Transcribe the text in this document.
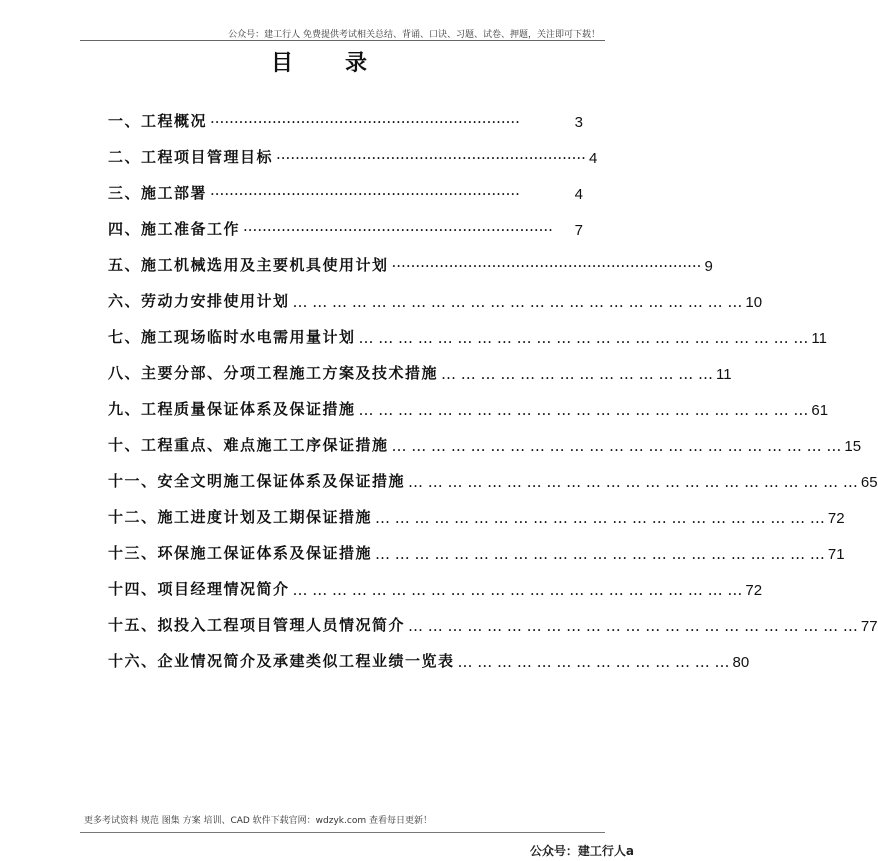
公众号：建工行人 免费提供考试相关总结、背诵、口诀、习题、试卷、押题，关注即可下载！
目录
一、工程概况 ·································································	3
二、工程项目管理目标 ································································· 4
三、施工部署 ·································································	4
四、施工准备工作 ·································································	7
五、施工机械选用及主要机具使用计划 ································································· 9
六、劳动力安排使用计划 … … … … … … … … … … … … … … … … … … … … … … … 10
七、施工现场临时水电需用量计划 … … … … … … … … … … … … … … … … … … … … … … … 11
八、主要分部、分项工程施工方案及技术措施 … … … … … … … … … … … … … … 11
九、工程质量保证体系及保证措施 … … … … … … … … … … … … … … … … … … … … … … … 61
十、工程重点、难点施工工序保证措施 … … … … … … … … … … … … … … … … … … … … … … … 15
十一、安全文明施工保证体系及保证措施 … … … … … … … … … … … … … … … … … … … … … … … 65
十二、施工进度计划及工期保证措施 … … … … … … … … … … … … … … … … … … … … … … … 72
十三、环保施工保证体系及保证措施 … … … … … … … … … … … … … … … … … … … … … … … 71
十四、项目经理情况简介 … … … … … … … … … … … … … … … … … … … … … … … 72
十五、拟投入工程项目管理人员情况简介 … … … … … … … … … … … … … … … … … … … … … … … 77
十六、企业情况简介及承建类似工程业绩一览表 … … … … … … … … … … … … … … 80
更多考试资料 规范 图集 方案 培训、CAD 软件下载官网：wdzyk.com 查看每日更新！
公众号：建工行人a
